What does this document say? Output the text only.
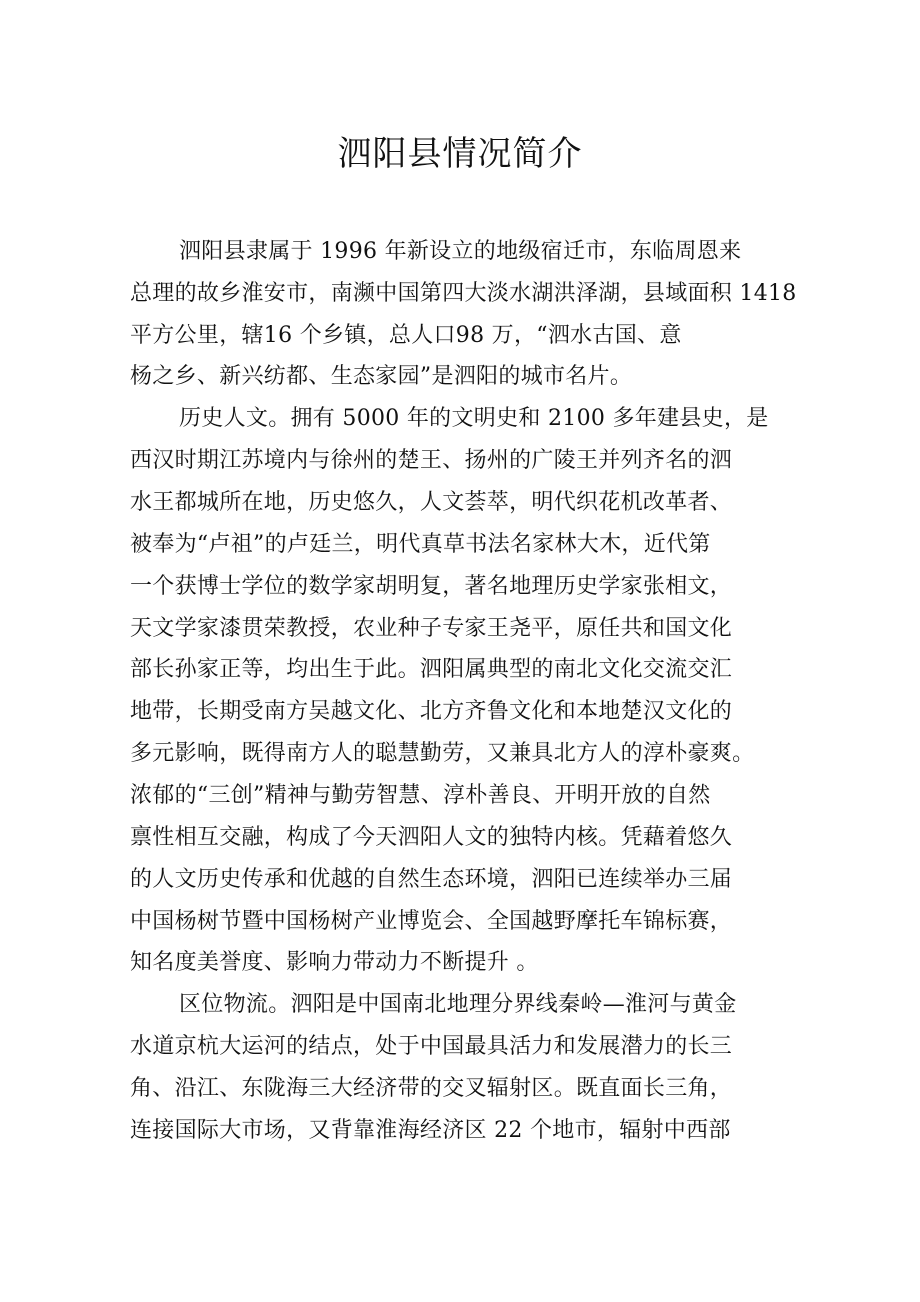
泗阳县情况简介

泗阳县隶属于 1996 年新设立的地级宿迁市，东临周恩来

总理的故乡淮安市，南濒中国第四大淡水湖洪泽湖，县域面积 1418

平方公里，辖16 个乡镇，总人口98 万，“泗水古国、意

杨之乡、新兴纺都、生态家园”是泗阳的城市名片。

历史人文。拥有 5000 年的文明史和 2100 多年建县史，是

西汉时期江苏境内与徐州的楚王、扬州的广陵王并列齐名的泗

水王都城所在地，历史悠久，人文荟萃，明代织花机改革者、

被奉为“卢祖”的卢廷兰，明代真草书法名家林大木，近代第

一个获博士学位的数学家胡明复，著名地理历史学家张相文，

天文学家漆贯荣教授，农业种子专家王尧平，原任共和国文化

部长孙家正等，均出生于此。泗阳属典型的南北文化交流交汇

地带，长期受南方吴越文化、北方齐鲁文化和本地楚汉文化的

多元影响，既得南方人的聪慧勤劳，又兼具北方人的淳朴豪爽。

浓郁的“三创”精神与勤劳智慧、淳朴善良、开明开放的自然

禀性相互交融，构成了今天泗阳人文的独特内核。凭藉着悠久

的人文历史传承和优越的自然生态环境，泗阳已连续举办三届

中国杨树节暨中国杨树产业博览会、全国越野摩托车锦标赛，

知名度美誉度、影响力带动力不断提升 。

区位物流。泗阳是中国南北地理分界线秦岭—淮河与黄金

水道京杭大运河的结点，处于中国最具活力和发展潜力的长三

角、沿江、东陇海三大经济带的交叉辐射区。既直面长三角，

连接国际大市场，又背靠淮海经济区 22 个地市，辐射中西部
